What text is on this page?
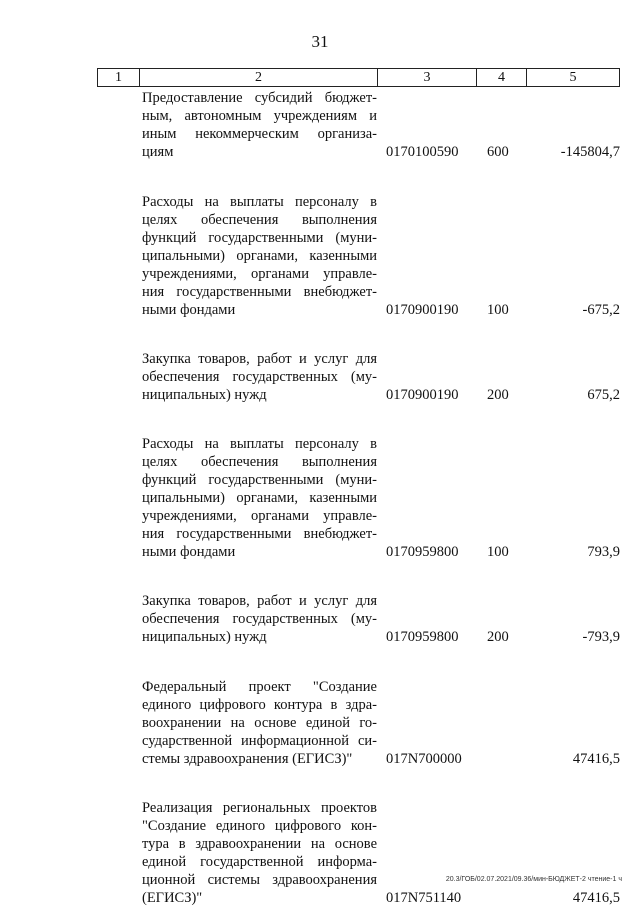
31
1	2	3	4	5
Предоставление субсидий бюджет-
ным, автономным учреждениям и
иным некоммерческим организа-
циям	0170100590 600	-145804,7
Расходы на выплаты персоналу в
целях обеспечения выполнения
функций государственными (муни-
ципальными) органами, казенными
учреждениями, органами управле-
ния государственными внебюджет-
ными фондами	0170900190 100	-675,2
Закупка товаров, работ и услуг для
обеспечения государственных (му-
ниципальных) нужд	0170900190 200	675,2
Расходы на выплаты персоналу в
целях обеспечения выполнения
функций государственными (муни-
ципальными) органами, казенными
учреждениями, органами управле-
ния государственными внебюджет-
ными фондами	0170959800 100	793,9
Закупка товаров, работ и услуг для
обеспечения государственных (му-
ниципальных) нужд	0170959800 200	-793,9
Федеральный проект "Создание
единого цифрового контура в здра-
воохранении на основе единой го-
сударственной информационной си-
стемы здравоохранения (ЕГИСЗ)"	017N700000	47416,5
Реализация региональных проектов
"Создание единого цифрового кон-
тура в здравоохранении на основе
единой государственной информа-
ционной системы здравоохранения
(ЕГИСЗ)"	017N751140	47416,5
20.3/ГОБ/02.07.2021/09.36/мин-БЮДЖЕТ-2 чтение-1 ч
